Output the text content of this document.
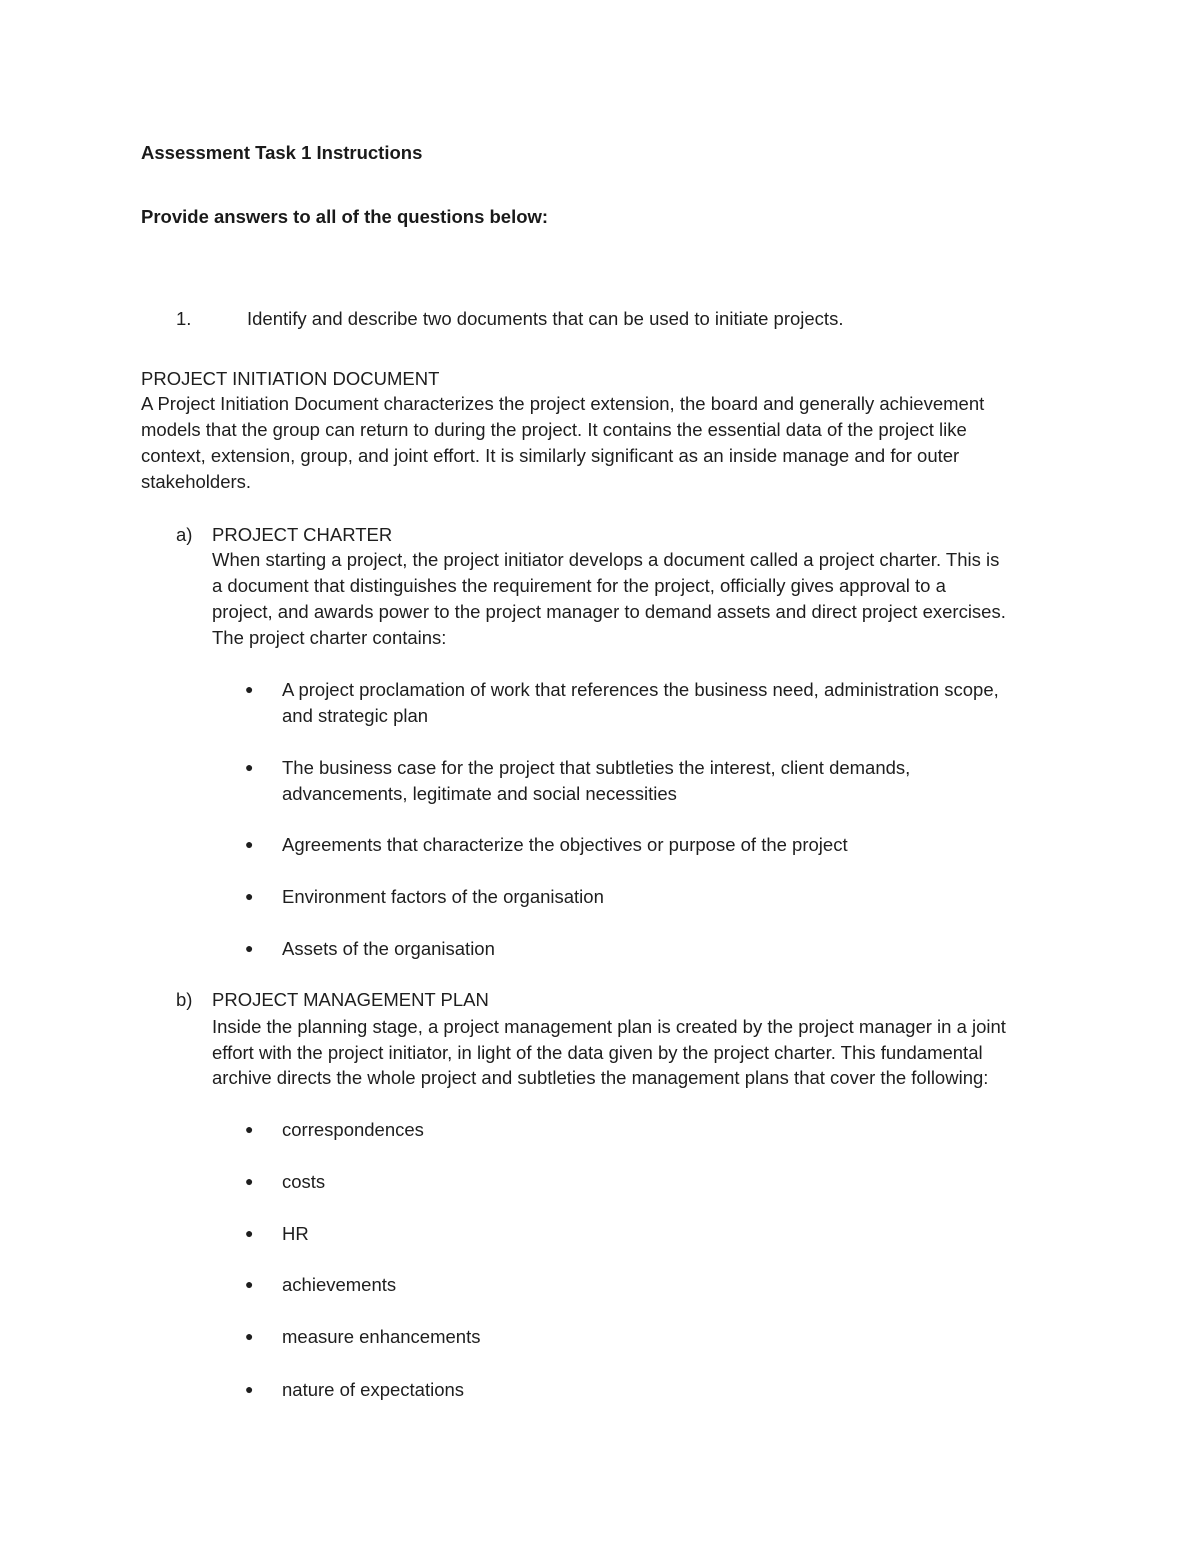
Assessment Task 1 Instructions
Provide answers to all of the questions below:
1.	Identify and describe two documents that can be used to initiate projects.
PROJECT INITIATION DOCUMENT
A Project Initiation Document characterizes the project extension, the board and generally achievement
models that the group can return to during the project. It contains the essential data of the project like
context, extension, group, and joint effort. It is similarly significant as an inside manage and for outer
stakeholders.
a) PROJECT CHARTER
When starting a project, the project initiator develops a document called a project charter. This is
a document that distinguishes the requirement for the project, officially gives approval to a
project, and awards power to the project manager to demand assets and direct project exercises.
The project charter contains:
● A project proclamation of work that references the business need, administration scope,
and strategic plan
● The business case for the project that subtleties the interest, client demands,
advancements, legitimate and social necessities
● Agreements that characterize the objectives or purpose of the project
● Environment factors of the organisation
● Assets of the organisation
b) PROJECT MANAGEMENT PLAN
Inside the planning stage, a project management plan is created by the project manager in a joint
effort with the project initiator, in light of the data given by the project charter. This fundamental
archive directs the whole project and subtleties the management plans that cover the following:
● correspondences
● costs
● HR
● achievements
● measure enhancements
● nature of expectations
